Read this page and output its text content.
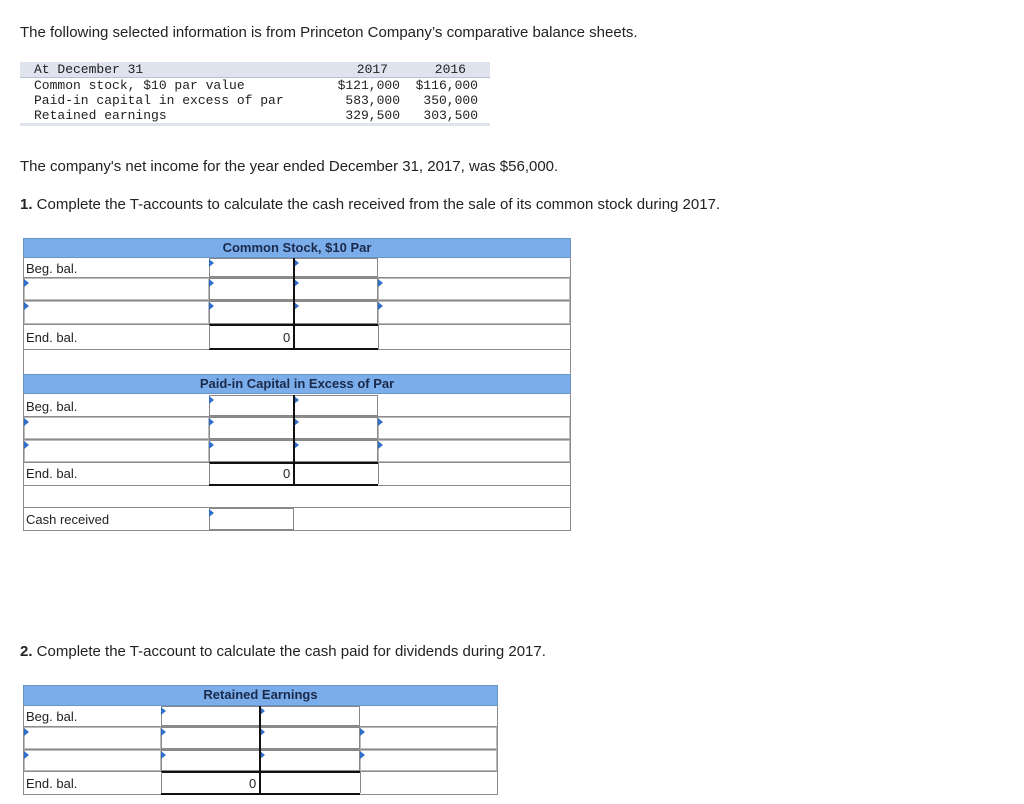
The following selected information is from Princeton Company’s comparative balance sheets.
At December 31	2017	2016
Common stock, $10 par value	$121,000 $116,000
Paid-in capital in excess of par	583,000 350,000
Retained earnings	329,500 303,500
The company's net income for the year ended December 31, 2017, was $56,000.
1. Complete the T-accounts to calculate the cash received from the sale of its common stock during 2017.
Common Stock, $10 Par
Beg. bal.
End. bal.	0
Paid-in Capital in Excess of Par
Beg. bal.
End. bal.	0
Cash received
2. Complete the T-account to calculate the cash paid for dividends during 2017.
Retained Earnings
Beg. bal.
End. bal.	0
